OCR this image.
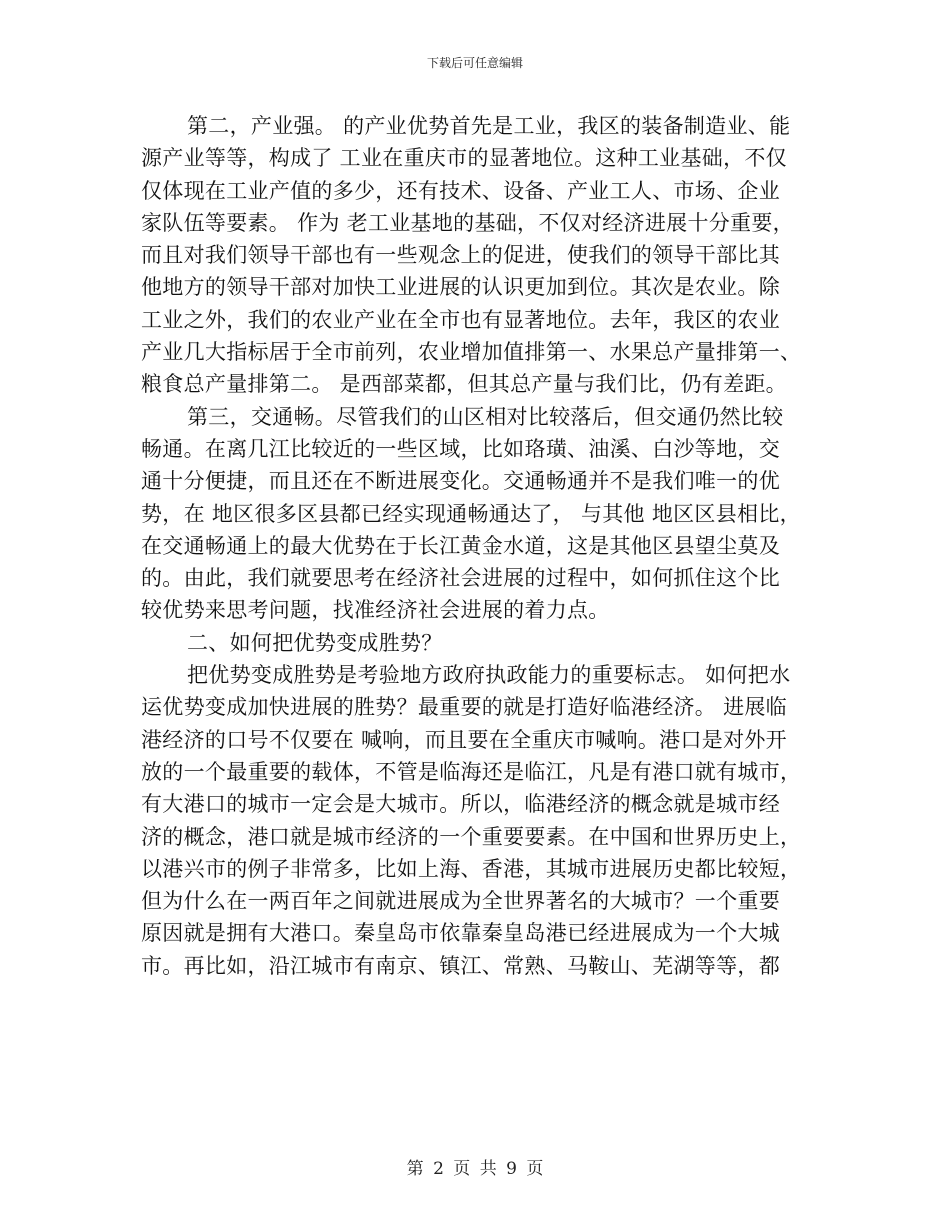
下载后可任意编辑
第二，产业强。 的产业优势首先是工业，我区的装备制造业、能
源产业等等，构成了 工业在重庆市的显著地位。这种工业基础，不仅
仅体现在工业产值的多少，还有技术、设备、产业工人、市场、企业
家队伍等要素。 作为 老工业基地的基础，不仅对经济进展十分重要，
而且对我们领导干部也有一些观念上的促进，使我们的领导干部比其
他地方的领导干部对加快工业进展的认识更加到位。其次是农业。除
工业之外，我们的农业产业在全市也有显著地位。去年，我区的农业
产业几大指标居于全市前列，农业增加值排第一、水果总产量排第一、
粮食总产量排第二。 是西部菜都，但其总产量与我们比，仍有差距。
第三，交通畅。尽管我们的山区相对比较落后，但交通仍然比较
畅通。在离几江比较近的一些区域，比如珞璜、油溪、白沙等地，交
通十分便捷，而且还在不断进展变化。交通畅通并不是我们唯一的优
势，在 地区很多区县都已经实现通畅通达了， 与其他 地区区县相比，
在交通畅通上的最大优势在于长江黄金水道，这是其他区县望尘莫及
的。由此，我们就要思考在经济社会进展的过程中，如何抓住这个比
较优势来思考问题，找准经济社会进展的着力点。
二、如何把优势变成胜势？
把优势变成胜势是考验地方政府执政能力的重要标志。 如何把水
运优势变成加快进展的胜势？最重要的就是打造好临港经济。 进展临
港经济的口号不仅要在 喊响，而且要在全重庆市喊响。港口是对外开
放的一个最重要的载体，不管是临海还是临江，凡是有港口就有城市，
有大港口的城市一定会是大城市。所以，临港经济的概念就是城市经
济的概念，港口就是城市经济的一个重要要素。在中国和世界历史上，
以港兴市的例子非常多，比如上海、香港，其城市进展历史都比较短，
但为什么在一两百年之间就进展成为全世界著名的大城市？一个重要
原因就是拥有大港口。秦皇岛市依靠秦皇岛港已经进展成为一个大城
市。再比如，沿江城市有南京、镇江、常熟、马鞍山、芜湖等等，都
第 2 页 共 9 页
